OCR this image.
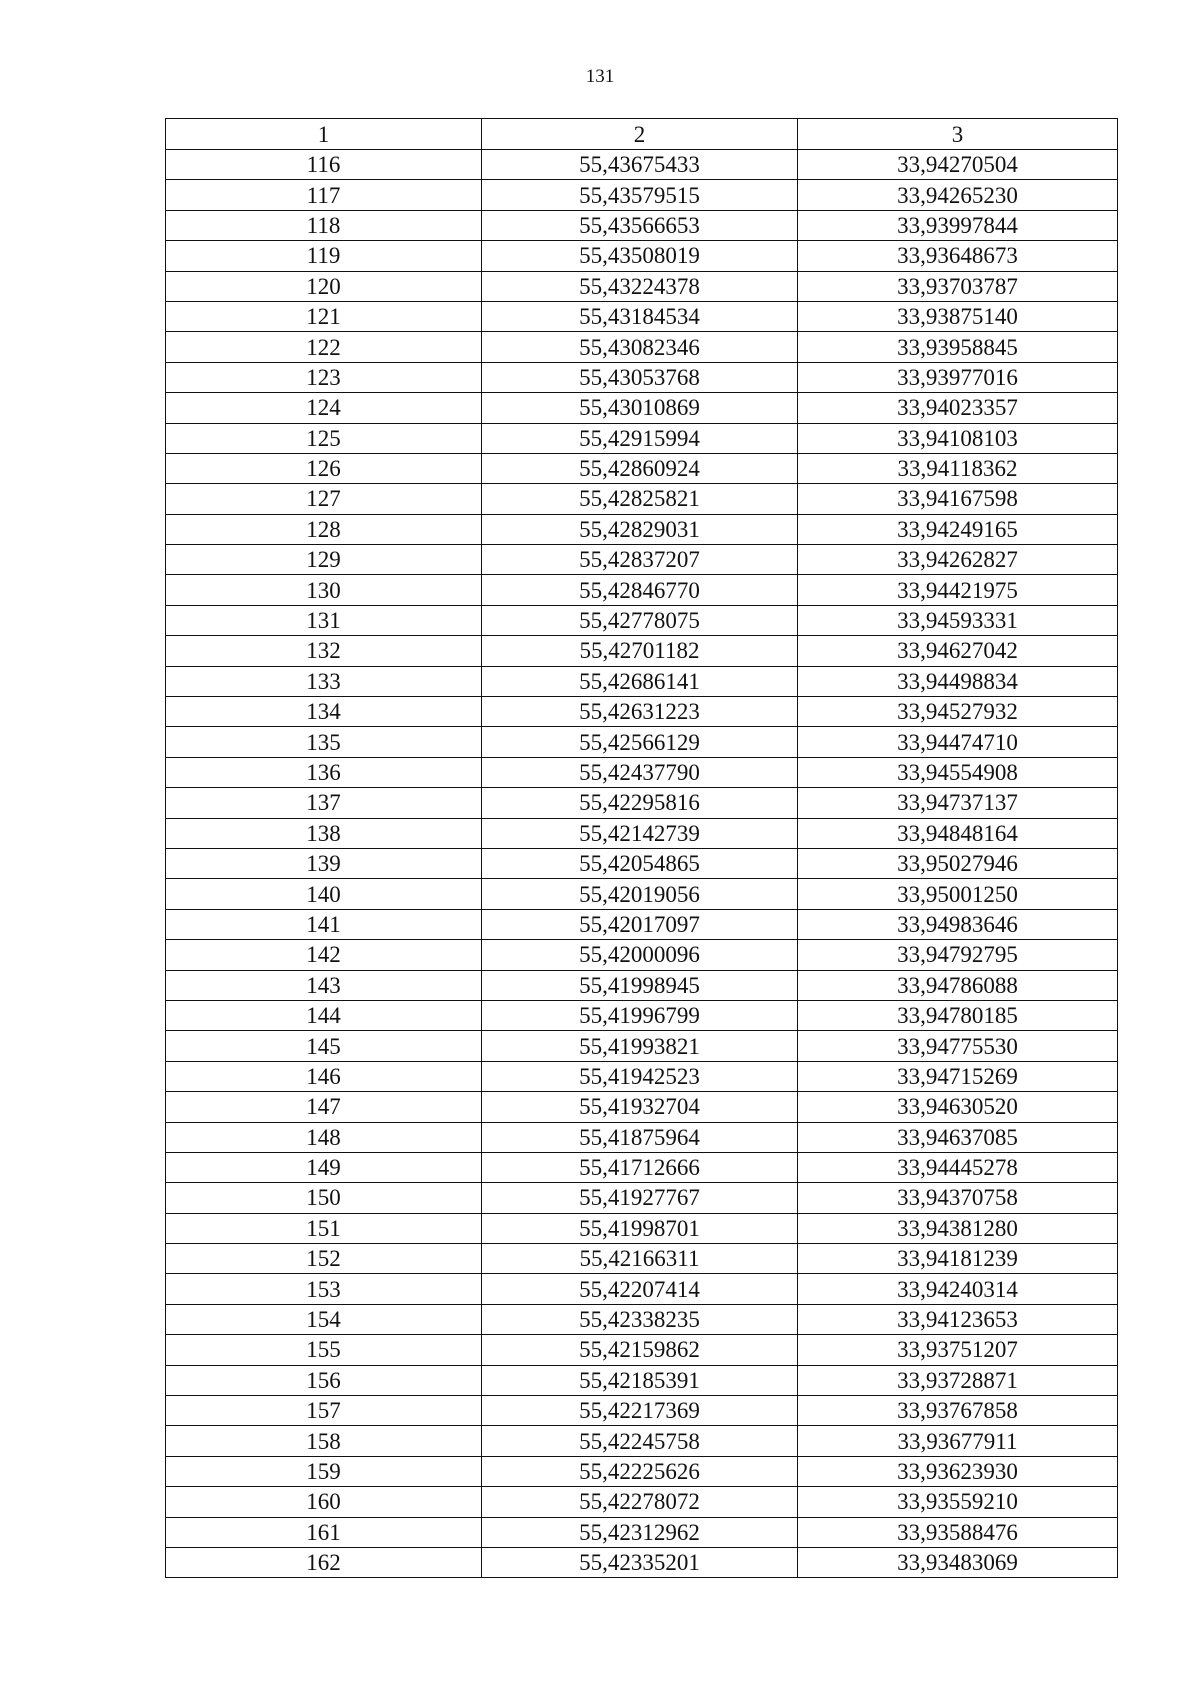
131
1	2	3
116	55,43675433	33,94270504
117	55,43579515	33,94265230
118	55,43566653	33,93997844
119	55,43508019	33,93648673
120	55,43224378	33,93703787
121	55,43184534	33,93875140
122	55,43082346	33,93958845
123	55,43053768	33,93977016
124	55,43010869	33,94023357
125	55,42915994	33,94108103
126	55,42860924	33,94118362
127	55,42825821	33,94167598
128	55,42829031	33,94249165
129	55,42837207	33,94262827
130	55,42846770	33,94421975
131	55,42778075	33,94593331
132	55,42701182	33,94627042
133	55,42686141	33,94498834
134	55,42631223	33,94527932
135	55,42566129	33,94474710
136	55,42437790	33,94554908
137	55,42295816	33,94737137
138	55,42142739	33,94848164
139	55,42054865	33,95027946
140	55,42019056	33,95001250
141	55,42017097	33,94983646
142	55,42000096	33,94792795
143	55,41998945	33,94786088
144	55,41996799	33,94780185
145	55,41993821	33,94775530
146	55,41942523	33,94715269
147	55,41932704	33,94630520
148	55,41875964	33,94637085
149	55,41712666	33,94445278
150	55,41927767	33,94370758
151	55,41998701	33,94381280
152	55,42166311	33,94181239
153	55,42207414	33,94240314
154	55,42338235	33,94123653
155	55,42159862	33,93751207
156	55,42185391	33,93728871
157	55,42217369	33,93767858
158	55,42245758	33,93677911
159	55,42225626	33,93623930
160	55,42278072	33,93559210
161	55,42312962	33,93588476
162	55,42335201	33,93483069
